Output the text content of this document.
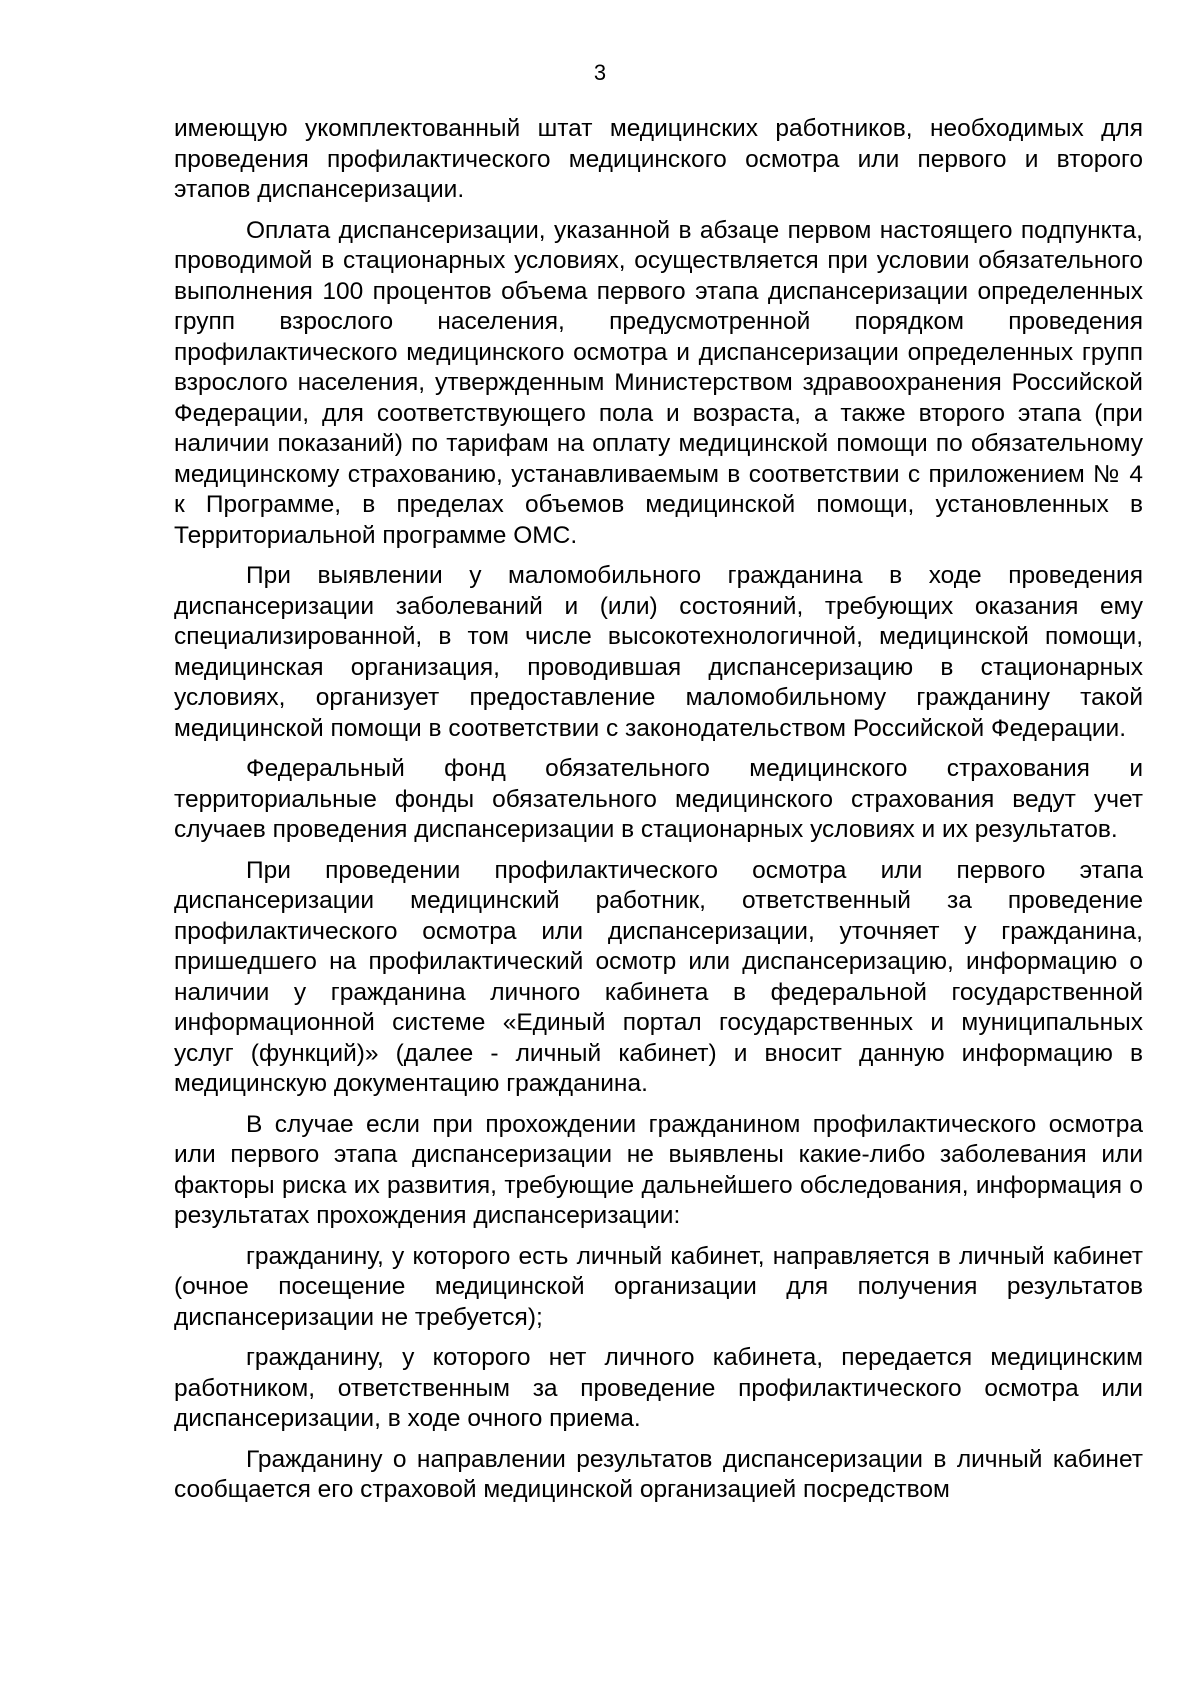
3

имеющую укомплектованный штат медицинских работников, необходимых для проведения профилактического медицинского осмотра или первого и второго этапов диспансеризации.

Оплата диспансеризации, указанной в абзаце первом настоящего подпункта, проводимой в стационарных условиях, осуществляется при условии обязательного выполнения 100 процентов объема первого этапа диспансеризации определенных групп взрослого населения, предусмотренной порядком проведения профилактического медицинского осмотра и диспансеризации определенных групп взрослого населения, утвержденным Министерством здравоохранения Российской Федерации, для соответствующего пола и возраста, а также второго этапа (при наличии показаний) по тарифам на оплату медицинской помощи по обязательному медицинскому страхованию, устанавливаемым в соответствии с приложением № 4 к Программе, в пределах объемов медицинской помощи, установленных в Территориальной программе ОМС.

При выявлении у маломобильного гражданина в ходе проведения диспансеризации заболеваний и (или) состояний, требующих оказания ему специализированной, в том числе высокотехнологичной, медицинской помощи, медицинская организация, проводившая диспансеризацию в стационарных условиях, организует предоставление маломобильному гражданину такой медицинской помощи в соответствии с законодательством Российской Федерации.

Федеральный фонд обязательного медицинского страхования и территориальные фонды обязательного медицинского страхования ведут учет случаев проведения диспансеризации в стационарных условиях и их результатов.

При проведении профилактического осмотра или первого этапа диспансеризации медицинский работник, ответственный за проведение профилактического осмотра или диспансеризации, уточняет у гражданина, пришедшего на профилактический осмотр или диспансеризацию, информацию о наличии у гражданина личного кабинета в федеральной государственной информационной системе «Единый портал государственных и муниципальных услуг (функций)» (далее - личный кабинет) и вносит данную информацию в медицинскую документацию гражданина.

В случае если при прохождении гражданином профилактического осмотра или первого этапа диспансеризации не выявлены какие-либо заболевания или факторы риска их развития, требующие дальнейшего обследования, информация о результатах прохождения диспансеризации:

гражданину, у которого есть личный кабинет, направляется в личный кабинет (очное посещение медицинской организации для получения результатов диспансеризации не требуется);

гражданину, у которого нет личного кабинета, передается медицинским работником, ответственным за проведение профилактического осмотра или диспансеризации, в ходе очного приема.

Гражданину о направлении результатов диспансеризации в личный кабинет сообщается его страховой медицинской организацией посредством
